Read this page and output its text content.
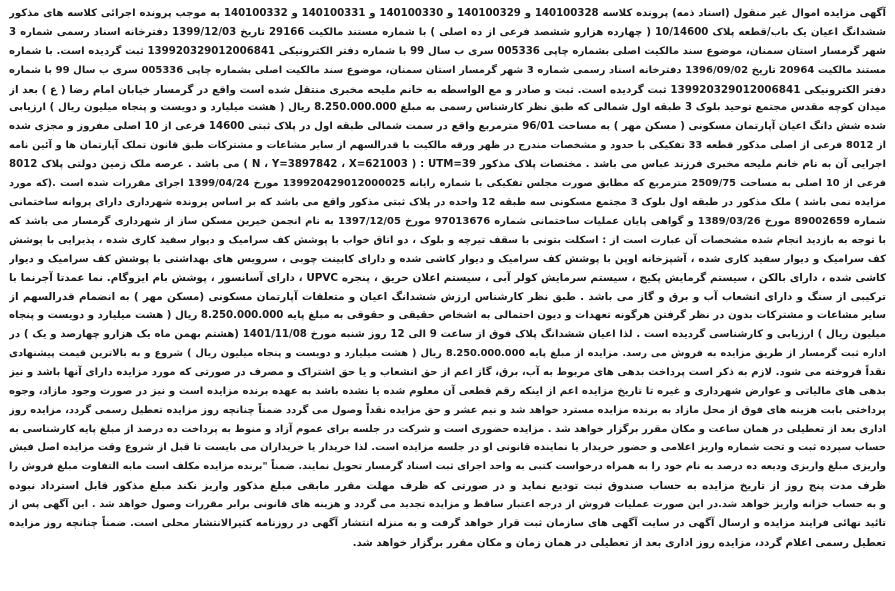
آگهی مزایده اموال غیر منقول (اسناد ذمه) پرونده کلاسه 140100328 و 140100329 و 140100330 و 140100331 و 140100332 به موجب پرونده اجرائی کلاسه های مذکور
ششدانگ اعیان یک باب/قطعه پلاک 10/14600 ( چهارده هزارو ششصد فرعی از ده اصلی ) با شماره مستند مالکیت 29166 تاریخ 1399/12/03 دفترخانه اسناد رسمی شماره 3
شهر گرمسار استان سمنان، موضوع سند مالکیت اصلی بشماره چاپی 005336 سری ب سال 99 با شماره دفتر الکترونیکی 139920329012006841 ثبت گردیده است. با شماره
مستند مالکیت 20964 تاریخ 1396/09/02 دفترخانه اسناد رسمی شماره 3 شهر گرمسار استان سمنان، موضوع سند مالکیت اصلی بشماره چاپی 005336 سری ب سال 99 با شماره
دفتر الکترونیکی 139920329012006841 ثبت گردیده است. ثبت و صادر و مع الواسطه به خانم ملیحه مخبری منتقل شده است واقع در گرمسار خیابان امام رضا ( ع ) بعد از
میدان کوچه مقدس مجتمع توحید بلوک 3 طبقه اول شمالی که طبق نظر کارشناس رسمی به مبلغ 8.250.000.000 ریال ( هشت میلیارد و دویست و پنجاه میلیون ریال ) ارزیابی
شده شش دانگ اعیان آپارتمان مسکونی ( مسکن مهر ) به مساحت 96/01 مترمربع واقع در سمت شمالی طبقه اول در پلاک ثبتی 14600 فرعی از 10 اصلی مفروز و مجزی شده
از 8012 فرعی از اصلی مذکور قطعه 33 تفکیکی با حدود و مشخصات مندرج در ظهر ورقه مالکیت با قدرالسهم از سایر مشاعات و مشترکات طبق قانون تملک آپارتمان ها و آئین نامه
اجرایی آن به نام خانم ملیحه مخبری فرزند عباس می باشد . مختصات پلاک مذکور 39=N ، Y=3897842 ، X=621003 ) : UTM ) می باشد . عرصه ملک زمین دولتی پلاک 8012
فرعی از 10 اصلی به مساحت 2509/75 مترمربع که مطابق صورت مجلس تفکیکی با شماره رایانه 139920429012000025 مورخ 1399/04/24 اجرای مقررات شده است .(که مورد
مزایده نمی باشد ) ملک مذکور در طبقه اول بلوک 3 مجتمع مسکونی سه طبقه 12 واحده در پلاک ثبتی مذکور واقع می باشد که بر اساس پرونده شهرداری دارای پروانه ساختمانی
شماره 89002659 مورخ 1389/03/26 و گواهی پایان عملیات ساختمانی شماره 97013676 مورخ 1397/12/05 به نام انجمن خیرین مسکن ساز از شهرداری گرمسار می باشد که
با توجه به بازدید انجام شده مشخصات آن عبارت است از : اسکلت بتونی با سقف تیرچه و بلوک ، دو اتاق خواب با پوشش کف سرامیک و دیوار سفید کاری شده ، پذیرایی با پوشش
کف سرامیک و دیوار سفید کاری شده ، آشپزخانه اوپن با پوشش کف سرامیک و دیوار کاشی شده و دارای کابینت چوبی ، سرویس های بهداشتی با پوشش کف سرامیک و دیوار
کاشی شده ، دارای بالکن ، سیستم گرمایش پکیج ، سیستم سرمایش کولر آبی ، سیستم اعلان حریق ، پنجره UPVC ، دارای آسانسور ، پوشش بام ایزوگام. نما عمدتا آجرنما با
ترکیبی از سنگ و دارای انشعاب آب و برق و گاز می باشد . طبق نظر کارشناس ارزش ششدانگ اعیان و متعلقات آپارتمان مسکونی (مسکن مهر ) به انضمام قدرالسهم از
سایر مشاعات و مشترکات بدون در نظر گرفتن هرگونه تعهدات و دیون احتمالی به اشخاص حقیقی و حقوقی به مبلغ پایه 8.250.000.000 ریال ( هشت میلیارد و دویست و پنجاه
میلیون ریال ) ارزیابی و کارشناسی گردیده است . لذا اعیان ششدانگ پلاک فوق از ساعت 9 الی 12 روز شنبه مورخ 1401/11/08 (هشتم بهمن ماه یک هزارو چهارصد و یک ) در
اداره ثبت گرمسار از طریق مزایده به فروش می رسد. مزایده از مبلغ پایه 8.250.000.000 ریال ( هشت میلیارد و دویست و پنجاه میلیون ریال ) شروع و به بالاترین قیمت پیشنهادی
نقداً فروخته می شود. لازم به ذکر است پرداخت بدهی های مربوط به آب، برق، گاز اعم از حق انشعاب و یا حق اشتراک و مصرف در صورتی که مورد مزایده دارای آنها باشد و نیز
بدهی های مالیاتی و عوارض شهرداری و غیره تا تاریخ مزایده اعم از اینکه رقم قطعی آن معلوم شده یا نشده باشد به عهده برنده مزایده است و نیز در صورت وجود مازاد، وجوه
پرداختی بابت هزینه های فوق از محل مازاد به برنده مزایده مسترد خواهد شد و نیم عشر و حق مزایده نقداً وصول می گردد ضمناً چنانچه روز مزایده تعطیل رسمی گردد، مزایده روز
اداری بعد از تعطیلی در همان ساعت و مکان مقرر برگزار خواهد شد . مزایده حضوری است و شرکت در جلسه برای عموم آزاد و منوط به پرداخت ده درصد از مبلغ پایه کارشناسی به
حساب سپرده ثبت و تحت شماره واریز اعلامی و حضور خریدار یا نماینده قانونی او در جلسه مزایده است. لذا خریدار یا خریداران می بایست تا قبل از شروع وقت مزایده اصل فیش
واریزی مبلغ واریزی ودیعه ده درصد به نام خود را به همراه درخواست کتبی به واحد اجرای ثبت اسناد گرمسار تحویل نمایند. ضمناً "برنده مزایده مکلف است مابه التفاوت مبلغ فروش را
ظرف مدت پنج روز از تاریخ مزایده به حساب صندوق ثبت تودیع نماید و در صورتی که ظرف مهلت مقرر مابقی مبلغ مذکور واریز نکند مبلغ مذکور قابل استرداد نبوده
و به حساب خزانه واریز خواهد شد.در این صورت عملیات فروش از درجه اعتبار ساقط و مزایده تجدید می گردد و هزینه های قانونی برابر مقررات وصول خواهد شد . این آگهی پس از
تائید نهائی فرایند مزایده و ارسال آگهی در سایت آگهی های سازمان ثبت قرار خواهد گرفت و به منزله انتشار آگهی در روزنامه کثیرالانتشار محلی است. ضمناً چنانچه روز مزایده
تعطیل رسمی اعلام گردد، مزایده روز اداری بعد از تعطیلی در همان زمان و مکان مقرر برگزار خواهد شد.
